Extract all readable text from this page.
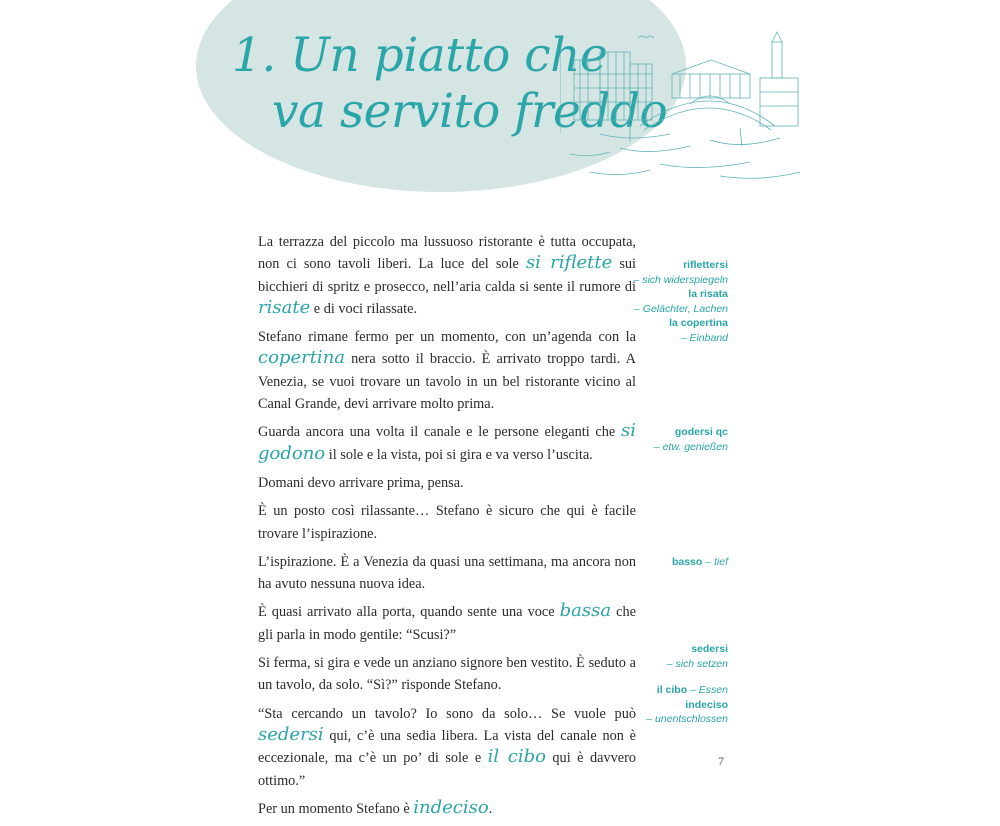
1. Un piatto che
va servito freddo

La terrazza del piccolo ma lussuoso ristorante è tutta occupata, non ci sono tavoli liberi. La luce del sole si riflette sui bicchieri di spritz e prosecco, nell’aria calda si sente il rumore di risate e di voci rilassate.

Stefano rimane fermo per un momento, con un’agenda con la copertina nera sotto il braccio. È arrivato troppo tardi. A Venezia, se vuoi trovare un tavolo in un bel ristorante vicino al Canal Grande, devi arrivare molto prima.

Guarda ancora una volta il canale e le persone eleganti che si godono il sole e la vista, poi si gira e va verso l’uscita.

Domani devo arrivare prima, pensa.

È un posto così rilassante… Stefano è sicuro che qui è facile trovare l’ispirazione.

L’ispirazione. È a Venezia da quasi una settimana, ma ancora non ha avuto nessuna nuova idea.

È quasi arrivato alla porta, quando sente una voce bassa che gli parla in modo gentile: “Scusi?”

Si ferma, si gira e vede un anziano signore ben vestito. È seduto a un tavolo, da solo. “Sì?” risponde Stefano.

“Sta cercando un tavolo? Io sono da solo… Se vuole può sedersi qui, c’è una sedia libera. La vista del canale non è eccezionale, ma c’è un po’ di sole e il cibo qui è davvero ottimo.”

Per un momento Stefano è indeciso.

riflettersi
– sich widerspiegeln
la risata
– Gelächter, Lachen
la copertina
– Einband
godersi qc
– etw. genießen
basso – tief
sedersi
– sich setzen
il cibo – Essen
indeciso
– unentschlossen
7
